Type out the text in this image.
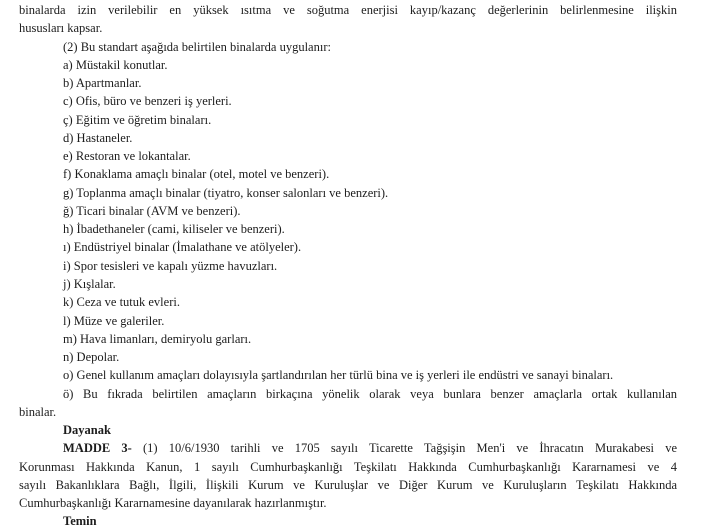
binalarda izin verilebilir en yüksek ısıtma ve soğutma enerjisi kayıp/kazanç değerlerinin belirlenmesine ilişkin
hususları kapsar.
(2) Bu standart aşağıda belirtilen binalarda uygulanır:
a) Müstakil konutlar.
b) Apartmanlar.
c) Ofis, büro ve benzeri iş yerleri.
ç) Eğitim ve öğretim binaları.
d) Hastaneler.
e) Restoran ve lokantalar.
f) Konaklama amaçlı binalar (otel, motel ve benzeri).
g) Toplanma amaçlı binalar (tiyatro, konser salonları ve benzeri).
ğ) Ticari binalar (AVM ve benzeri).
h) İbadethaneler (cami, kiliseler ve benzeri).
ı) Endüstriyel binalar (İmalathane ve atölyeler).
i) Spor tesisleri ve kapalı yüzme havuzları.
j) Kışlalar.
k) Ceza ve tutuk evleri.
l) Müze ve galeriler.
m) Hava limanları, demiryolu garları.
n) Depolar.
o) Genel kullanım amaçları dolayısıyla şartlandırılan her türlü bina ve iş yerleri ile endüstri ve sanayi binaları.
ö) Bu fıkrada belirtilen amaçların birkaçına yönelik olarak veya bunlara benzer amaçlarla ortak kullanılan
binalar.
Dayanak
MADDE 3- (1) 10/6/1930 tarihli ve 1705 sayılı Ticarette Tağşişin Men'i ve İhracatın Murakabesi ve
Korunması Hakkında Kanun, 1 sayılı Cumhurbaşkanlığı Teşkilatı Hakkında Cumhurbaşkanlığı Kararnamesi ve 4
sayılı Bakanlıklara Bağlı, İlgili, İlişkili Kurum ve Kuruluşlar ve Diğer Kurum ve Kuruluşların Teşkilatı Hakkında
Cumhurbaşkanlığı Kararnamesine dayanılarak hazırlanmıştır.
Temin
